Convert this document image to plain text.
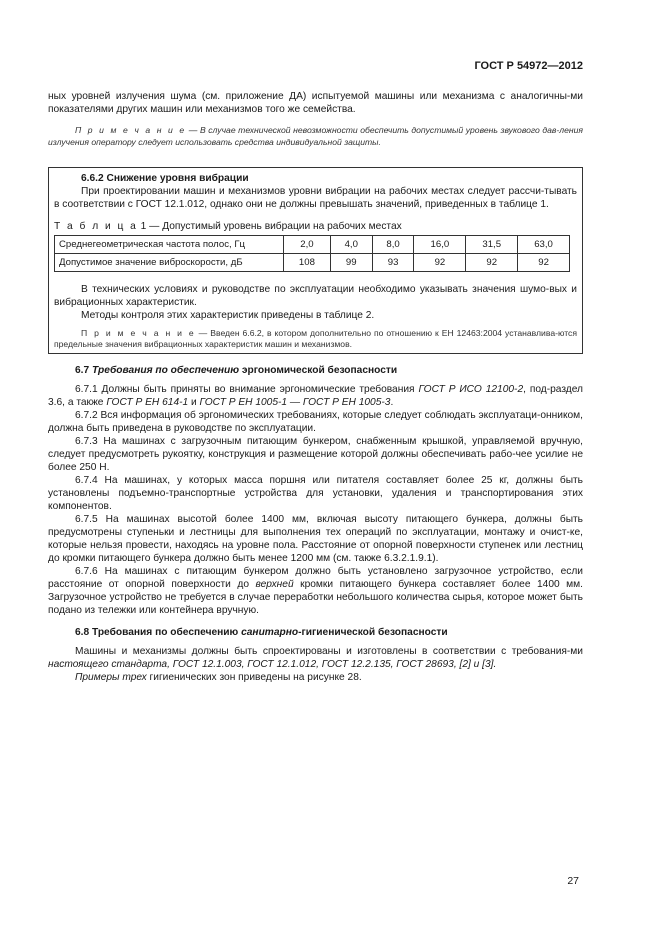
ГОСТ Р 54972—2012

ных уровней излучения шума (см. приложение ДА) испытуемой машины или механизма с аналогичны-ми показателями других машин или механизмов того же семейства.

П р и м е ч а н и е — В случае технической невозможности обеспечить допустимый уровень звукового дав-ления излучения оператору следует использовать средства индивидуальной защиты.

6.6.2 Снижение уровня вибрации

При проектировании машин и механизмов уровни вибрации на рабочих местах следует рассчи-тывать в соответствии с ГОСТ 12.1.012, однако они не должны превышать значений, приведенных в таблице 1.

Т а б л и ц а 1 — Допустимый уровень вибрации на рабочих местах

Среднегеометрическая частота полос, Гц	2,0	4,0	8,0	16,0	31,5	63,0
Допустимое значение виброскорости, дБ	108	99	93	92	92	92

В технических условиях и руководстве по эксплуатации необходимо указывать значения шумо-вых и вибрационных характеристик.

Методы контроля этих характеристик приведены в таблице 2.

П р и м е ч а н и е — Введен 6.6.2, в котором дополнительно по отношению к ЕН 12463:2004 устанавлива-ются предельные значения вибрационных характеристик машин и механизмов.

6.7 Требования по обеспечению эргономической безопасности

6.7.1 Должны быть приняты во внимание эргономические требования ГОСТ Р ИСО 12100-2, под-раздел 3.6, а также ГОСТ Р ЕН 614-1 и ГОСТ Р ЕН 1005-1 — ГОСТ Р ЕН 1005-3.

6.7.2 Вся информация об эргономических требованиях, которые следует соблюдать эксплуатаци-онником, должна быть приведена в руководстве по эксплуатации.

6.7.3 На машинах с загрузочным питающим бункером, снабженным крышкой, управляемой вручную, следует предусмотреть рукоятку, конструкция и размещение которой должны обеспечивать рабо-чее усилие не более 250 Н.

6.7.4 На машинах, у которых масса поршня или питателя составляет более 25 кг, должны быть установлены подъемно-транспортные устройства для установки, удаления и транспортирования этих компонентов.

6.7.5 На машинах высотой более 1400 мм, включая высоту питающего бункера, должны быть предусмотрены ступеньки и лестницы для выполнения тех операций по эксплуатации, монтажу и очист-ке, которые нельзя провести, находясь на уровне пола. Расстояние от опорной поверхности ступенек или лестниц до кромки питающего бункера должно быть менее 1200 мм (см. также 6.3.2.1.9.1).

6.7.6 На машинах с питающим бункером должно быть установлено загрузочное устройство, если расстояние от опорной поверхности до верхней кромки питающего бункера составляет более 1400 мм. Загрузочное устройство не требуется в случае переработки небольшого количества сырья, которое может быть подано из тележки или контейнера вручную.

6.8 Требования по обеспечению санитарно-гигиенической безопасности

Машины и механизмы должны быть спроектированы и изготовлены в соответствии с требования-ми настоящего стандарта, ГОСТ 12.1.003, ГОСТ 12.1.012, ГОСТ 12.2.135, ГОСТ 28693, [2] и [3].

Примеры трех гигиенических зон приведены на рисунке 28.

27
